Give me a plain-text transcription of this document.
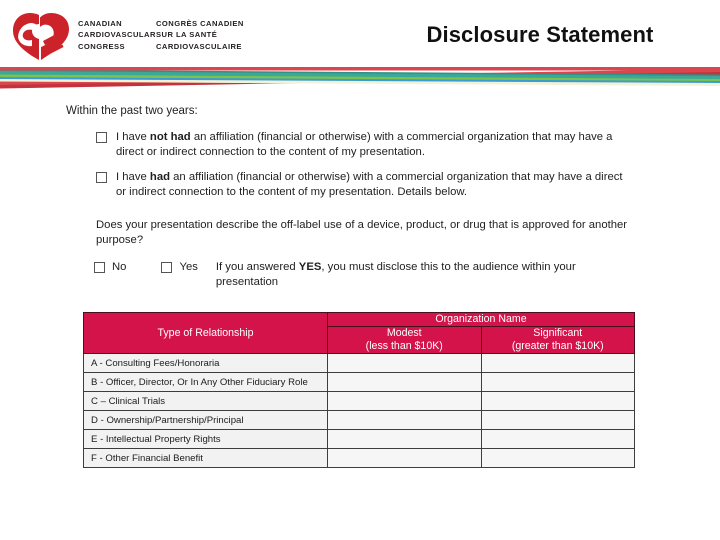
CANADIAN
CARDIOVASCULAR
CONGRESS
CONGRÈS CANADIEN
SUR LA SANTÉ
CARDIOVASCULAIRE	Disclosure Statement
Within the past two years:
I have not had an affiliation (financial or otherwise) with a commercial organization that may have a direct or indirect connection to the content of my presentation.
I have had an affiliation (financial or otherwise) with a commercial organization that may have a direct or indirect connection to the content of my presentation. Details below.
Does your presentation describe the off-label use of a device, product, or drug that is approved for another purpose?
No	Yes If you answered YES, you must disclose this to the audience within your presentation
Type of Relationship	Organization Name	

Modest
(less than $10K)

Significant
(greater than $10K)

A - Consulting Fees/Honoraria		
B - Officer, Director, Or In Any Other Fiduciary Role		
C – Clinical Trials		
D - Ownership/Partnership/Principal		
E - Intellectual Property Rights		
F - Other Financial Benefit		
